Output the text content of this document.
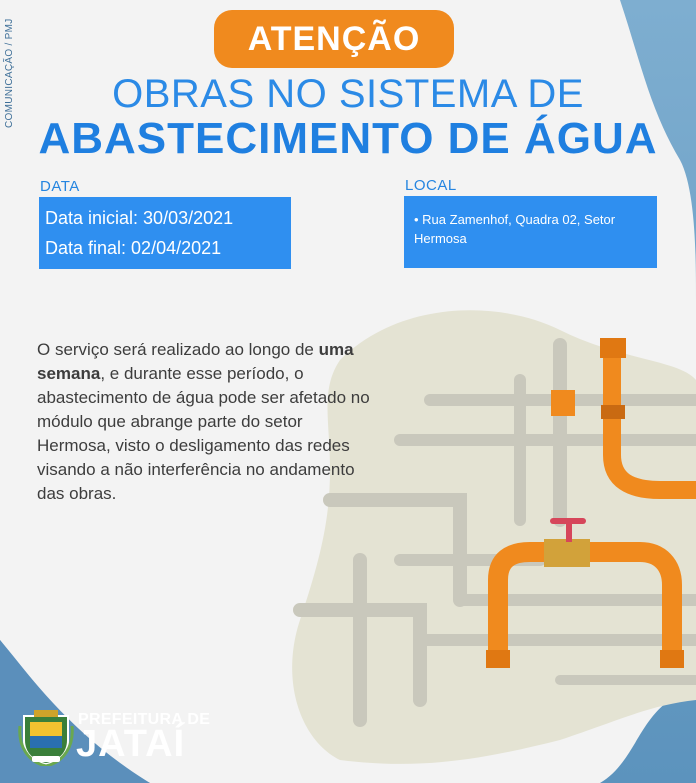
COMUNICAÇÃO / PMJ	ATENÇÃO
OBRAS NO SISTEMA DE
ABASTECIMENTO DE ÁGUA
DATA
Data inicial: 30/03/2021
Data final: 02/04/2021
LOCAL
• Rua Zamenhof, Quadra 02, Setor Hermosa
O serviço será realizado ao longo de uma semana, e durante esse período, o abastecimento de água pode ser afetado no módulo que abrange parte do setor Hermosa, visto o desligamento das redes visando a não interferência no andamento das obras.
PREFEITURA DE
JATAÍ
